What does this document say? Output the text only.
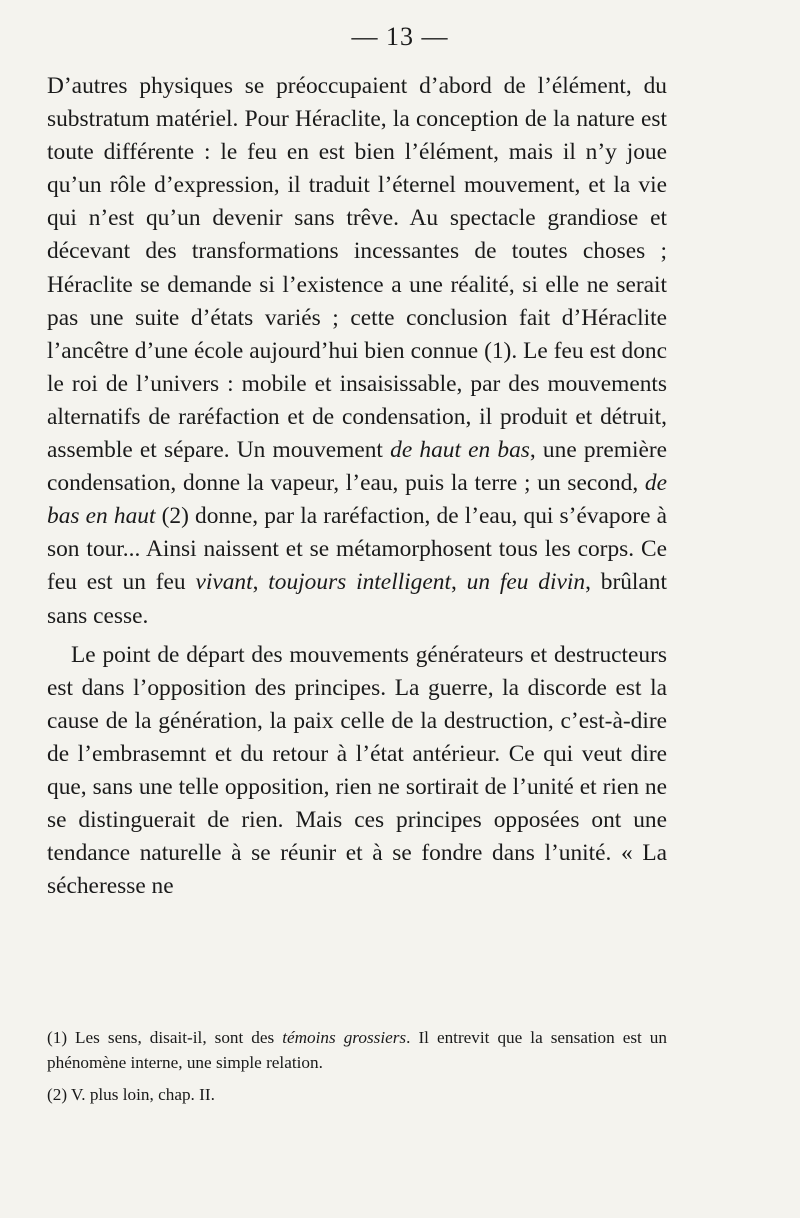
— 13 —

D’autres physiques se préoccupaient d’abord de l’élément, du substratum matériel. Pour Héraclite, la conception de la nature est toute différente : le feu en est bien l’élément, mais il n’y joue qu’un rôle d’expression, il traduit l’éternel mouvement, et la vie qui n’est qu’un devenir sans trêve. Au spectacle grandiose et décevant des transformations incessantes de toutes choses ; Héraclite se demande si l’existence a une réalité, si elle ne serait pas une suite d’états variés ; cette conclusion fait d’Héraclite l’ancêtre d’une école aujourd’hui bien connue (1). Le feu est donc le roi de l’univers : mobile et insaisissable, par des mouvements alternatifs de raréfaction et de condensation, il produit et détruit, assemble et sépare. Un mouvement de haut en bas, une première condensation, donne la vapeur, l’eau, puis la terre ; un second, de bas en haut (2) donne, par la raréfaction, de l’eau, qui s’évapore à son tour... Ainsi naissent et se métamorphosent tous les corps. Ce feu est un feu vivant, toujours intelligent, un feu divin, brûlant sans cesse.

Le point de départ des mouvements générateurs et destructeurs est dans l’opposition des principes. La guerre, la discorde est la cause de la génération, la paix celle de la destruction, c’est-à-dire de l’embrasemnt et du retour à l’état antérieur. Ce qui veut dire que, sans une telle opposition, rien ne sortirait de l’unité et rien ne se distinguerait de rien. Mais ces principes opposées ont une tendance naturelle à se réunir et à se fondre dans l’unité. « La sécheresse ne

(1) Les sens, disait-il, sont des témoins grossiers. Il entrevit que la sensation est un phénomène interne, une simple relation.

(2) V. plus loin, chap. II.
